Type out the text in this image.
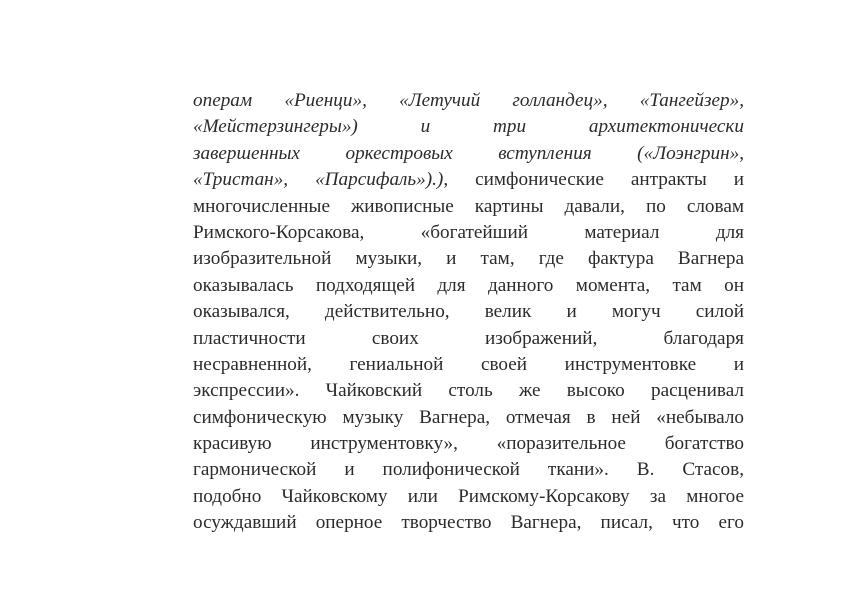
операм «Риенци», «Летучий голландец», «Тангейзер»,
«Мейстерзингеры») и три архитектонически
завершенных оркестровых вступления («Лоэнгрин»,
«Тристан», «Парсифаль»).), симфонические антракты и
многочисленные живописные картины давали, по словам
Римского-Корсакова, «богатейший материал для
изобразительной музыки, и там, где фактура Вагнера
оказывалась подходящей для данного момента, там он
оказывался, действительно, велик и могуч силой
пластичности своих изображений, благодаря
несравненной, гениальной своей инструментовке и
экспрессии». Чайковский столь же высоко расценивал
симфоническую музыку Вагнера, отмечая в ней «небывало
красивую инструментовку», «поразительное богатство
гармонической и полифонической ткани». В. Стасов,
подобно Чайковскому или Римскому-Корсакову за многое
осуждавший оперное творчество Вагнера, писал, что его
